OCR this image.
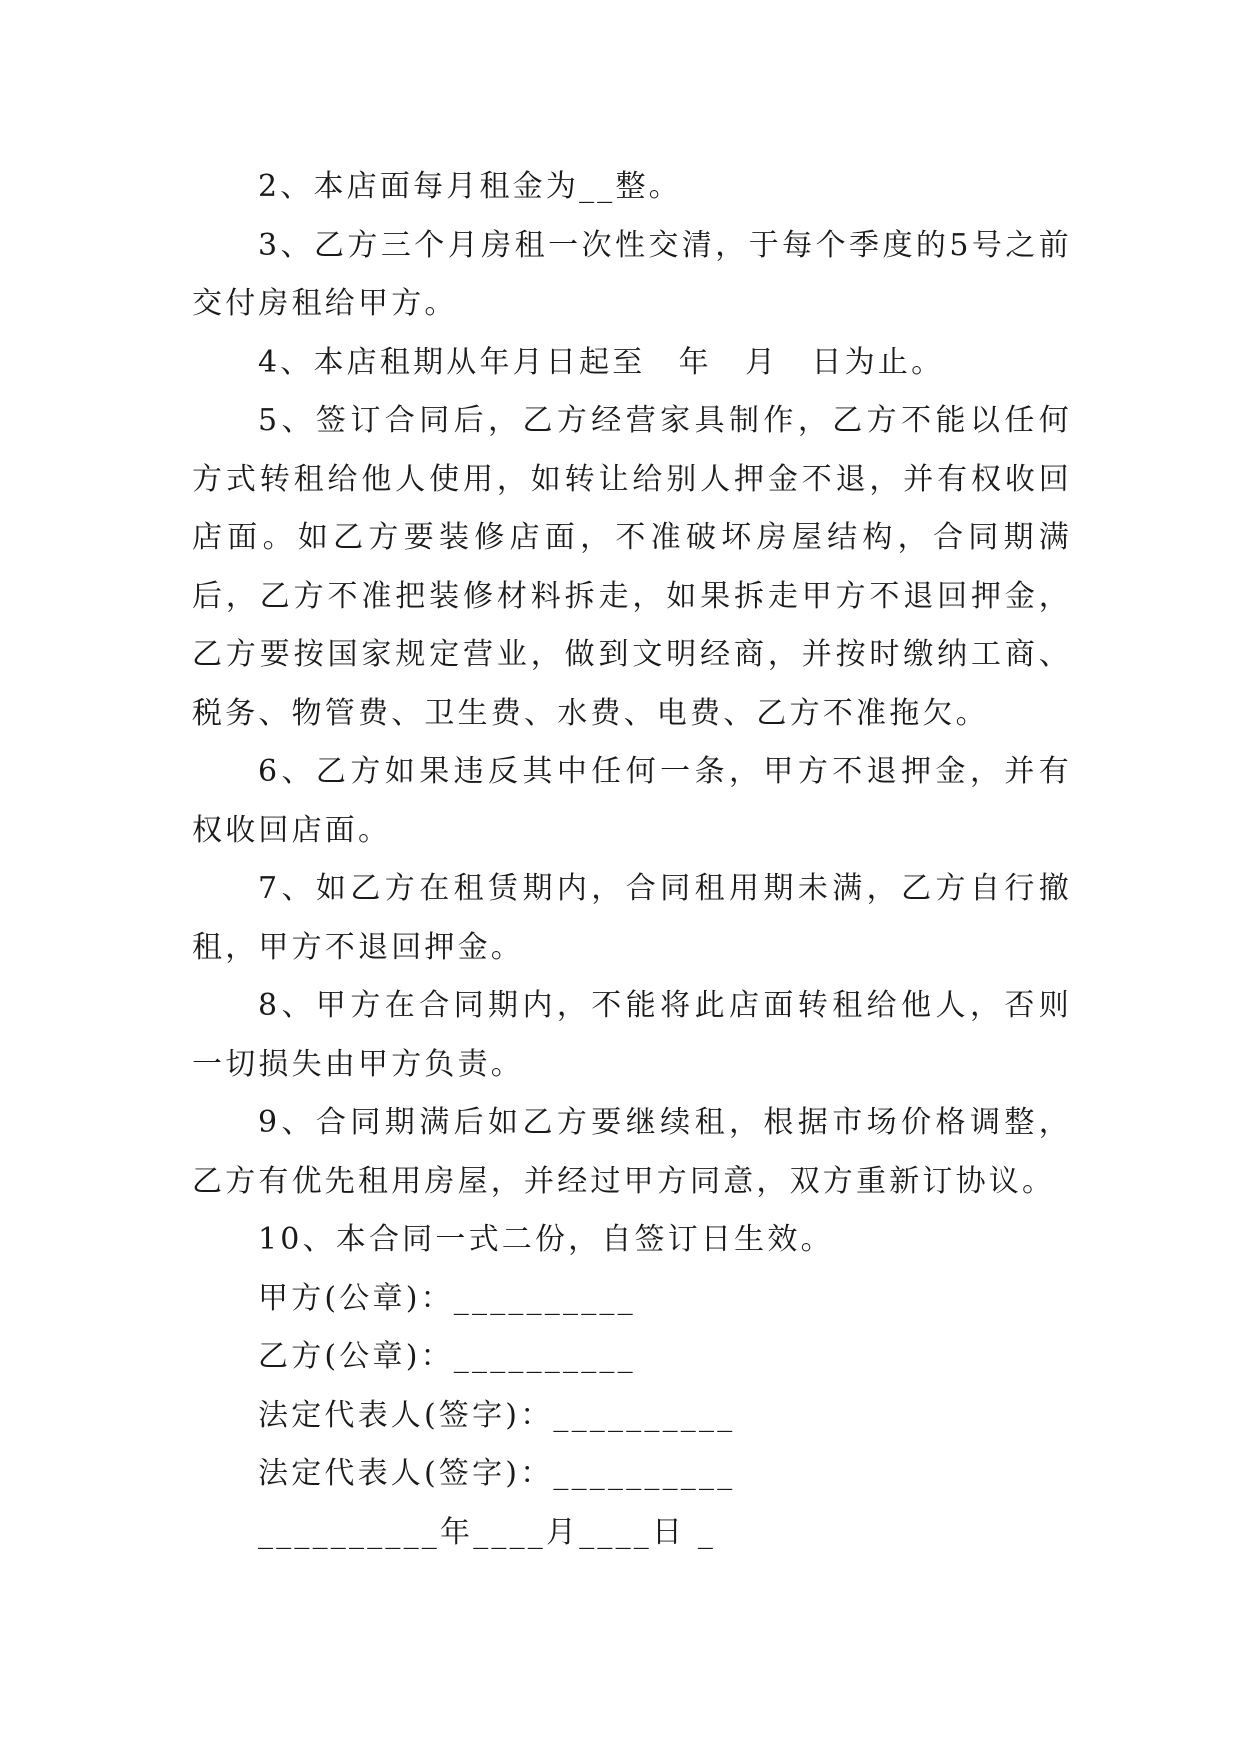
2、本店面每月租金为__整。

3、乙方三个月房租一次性交清，于每个季度的5号之前交付房租给甲方。

4、本店租期从年月日起至　年　月　日为止。

5、签订合同后，乙方经营家具制作，乙方不能以任何方式转租给他人使用，如转让给别人押金不退，并有权收回店面。如乙方要装修店面，不准破坏房屋结构，合同期满后，乙方不准把装修材料拆走，如果拆走甲方不退回押金，乙方要按国家规定营业，做到文明经商，并按时缴纳工商、税务、物管费、卫生费、水费、电费、乙方不准拖欠。

6、乙方如果违反其中任何一条，甲方不退押金，并有权收回店面。

7、如乙方在租赁期内，合同租用期未满，乙方自行撤租，甲方不退回押金。

8、甲方在合同期内，不能将此店面转租给他人，否则一切损失由甲方负责。

9、合同期满后如乙方要继续租，根据市场价格调整，乙方有优先租用房屋，并经过甲方同意，双方重新订协议。

10、本合同一式二份，自签订日生效。

甲方(公章)：__________
乙方(公章)：__________
法定代表人(签字)：__________
法定代表人(签字)：__________
__________年____月____日 _
